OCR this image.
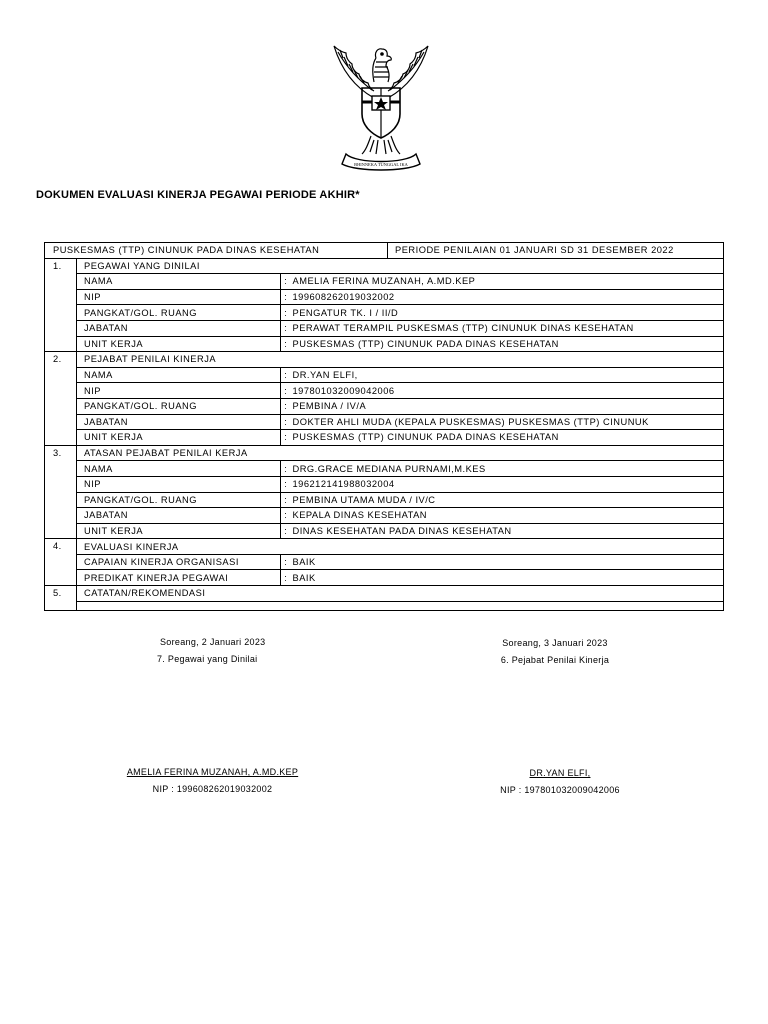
BHINNEKA TUNGGAL IKA
DOKUMEN EVALUASI KINERJA PEGAWAI PERIODE AKHIR*
PUSKESMAS (TTP) CINUNUK PADA DINAS KESEHATAN				PERIODE PENILAIAN 01 JANUARI SD 31 DESEMBER 2022
1.	PEGAWAI YANG DINILAI			
	NAMA	:	AMELIA FERINA MUZANAH, A.MD.KEP	
	NIP	:	199608262019032002	
	PANGKAT/GOL. RUANG	:	PENGATUR TK. I / II/D	
	JABATAN	:	PERAWAT TERAMPIL PUSKESMAS (TTP) CINUNUK DINAS KESEHATAN	
	UNIT KERJA	:	PUSKESMAS (TTP) CINUNUK PADA DINAS KESEHATAN	
2.	PEJABAT PENILAI KINERJA			
	NAMA	:	DR.YAN ELFI,	
	NIP	:	197801032009042006	
	PANGKAT/GOL. RUANG	:	PEMBINA / IV/A	
	JABATAN	:	DOKTER AHLI MUDA (KEPALA PUSKESMAS) PUSKESMAS (TTP) CINUNUK	
	UNIT KERJA	:	PUSKESMAS (TTP) CINUNUK PADA DINAS KESEHATAN	
3.	ATASAN PEJABAT PENILAI KERJA			
	NAMA	:	DRG.GRACE MEDIANA PURNAMI,M.KES	
	NIP	:	196212141988032004	
	PANGKAT/GOL. RUANG	:	PEMBINA UTAMA MUDA / IV/C	
	JABATAN	:	KEPALA DINAS KESEHATAN	
	UNIT KERJA	:	DINAS KESEHATAN PADA DINAS KESEHATAN	
4.	EVALUASI KINERJA			
	CAPAIAN KINERJA ORGANISASI	:	BAIK	
	PREDIKAT KINERJA PEGAWAI	:	BAIK	
5.	CATATAN/REKOMENDASI			

Soreang, 2 Januari 2023
7. Pegawai yang Dinilai
Soreang, 3 Januari 2023
6. Pejabat Penilai Kinerja
AMELIA FERINA MUZANAH, A.MD.KEP
NIP : 199608262019032002
DR.YAN ELFI,
NIP : 197801032009042006
